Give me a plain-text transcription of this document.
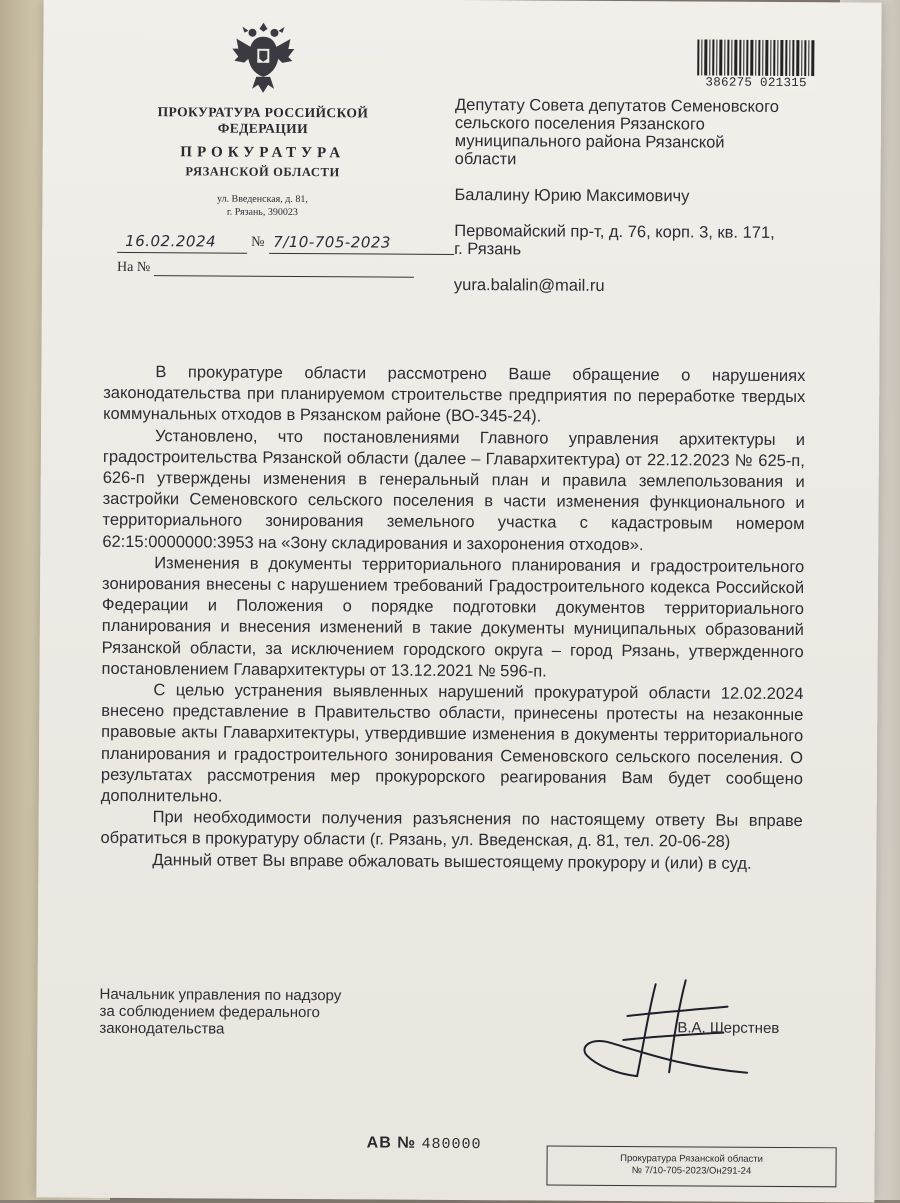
ПРОКУРАТУРА РОССИЙСКОЙ
ФЕДЕРАЦИИ
ПРОКУРАТУРА
РЯЗАНСКОЙ ОБЛАСТИ
ул. Введенская, д. 81,
г. Рязань, 390023
16.02.2024	№ 7/10-705-2023
На №
386275 021315
Депутату Совета депутатов Семеновского
сельского поселения Рязанского
муниципального района Рязанской
области
Балалину Юрию Максимовичу
Первомайский пр-т, д. 76, корп. 3, кв. 171,
г. Рязань
yura.balalin@mail.ru

В прокуратуре области рассмотрено Ваше обращение о нарушениях законодательства при планируемом строительстве предприятия по переработке твердых коммунальных отходов в Рязанском районе (ВО-345-24).

Установлено, что постановлениями Главного управления архитектуры и градостроительства Рязанской области (далее – Главархитектура) от 22.12.2023 № 625-п, 626-п утверждены изменения в генеральный план и правила землепользования и застройки Семеновского сельского поселения в части изменения функционального и территориального зонирования земельного участка с кадастровым номером 62:15:0000000:3953 на «Зону складирования и захоронения отходов».

Изменения в документы территориального планирования и градостроительного зонирования внесены с нарушением требований Градостроительного кодекса Российской Федерации и Положения о порядке подготовки документов территориального планирования и внесения изменений в такие документы муниципальных образований Рязанской области, за исключением городского округа – город Рязань, утвержденного постановлением Главархитектуры от 13.12.2021 № 596-п.

С целью устранения выявленных нарушений прокуратурой области 12.02.2024 внесено представление в Правительство области, принесены протесты на незаконные правовые акты Главархитектуры, утвердившие изменения в документы территориального планирования и градостроительного зонирования Семеновского сельского поселения. О результатах рассмотрения мер прокурорского реагирования Вам будет сообщено дополнительно.

При необходимости получения разъяснения по настоящему ответу Вы вправе обратиться в прокуратуру области (г. Рязань, ул. Введенская, д. 81, тел. 20-06-28)

Данный ответ Вы вправе обжаловать вышестоящему прокурору и (или) в суд.

Начальник управления по надзору
за соблюдением федерального
законодательства	В.А. Шерстнев
АВ № 480000
Прокуратура Рязанской области
№ 7/10-705-2023/Он291-24
